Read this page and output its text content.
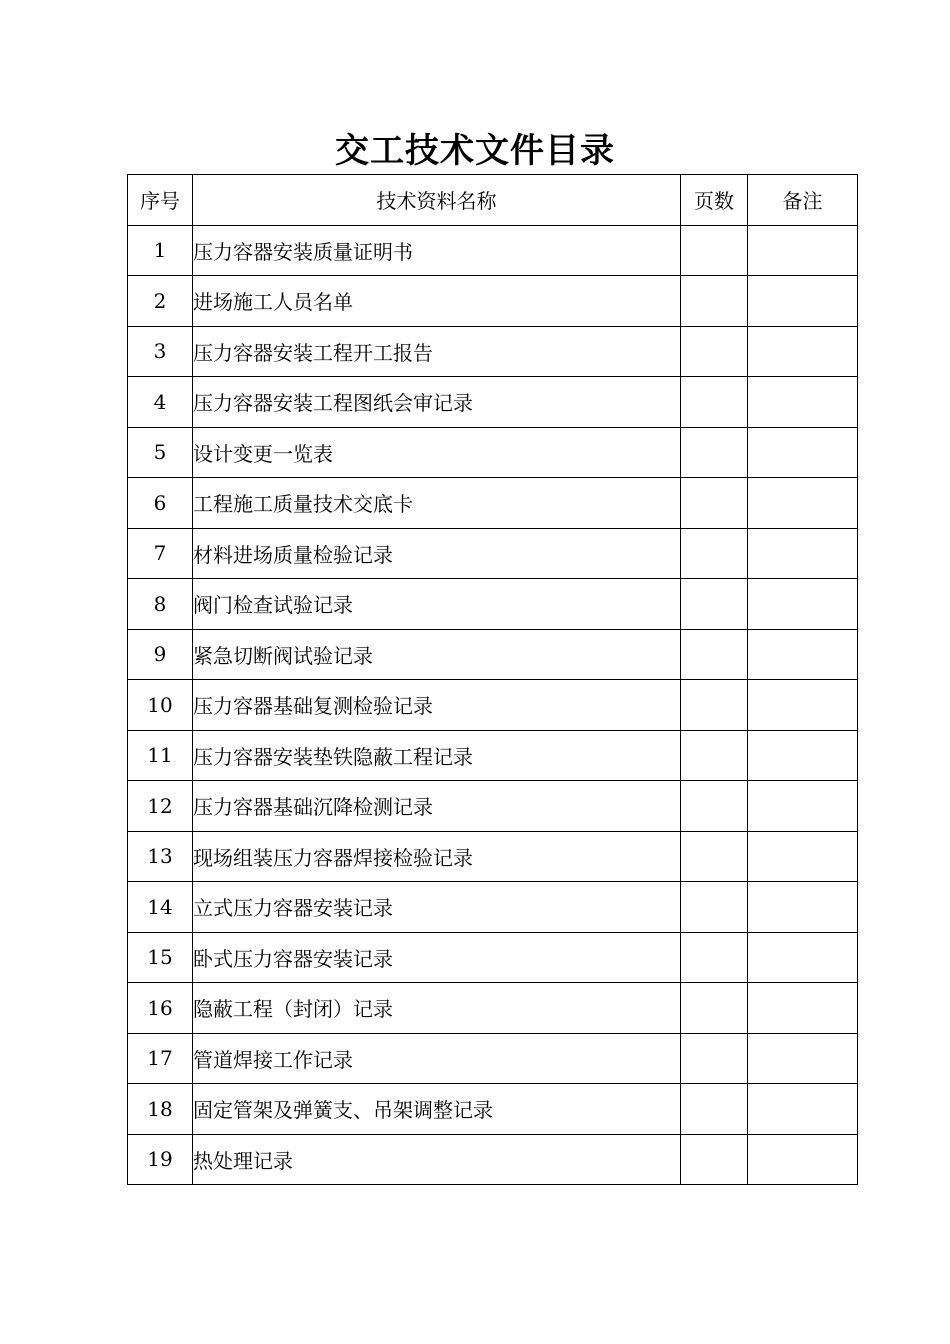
交工技术文件目录
序号	技术资料名称	页数	备注
1	压力容器安装质量证明书		
2	进场施工人员名单		
3	压力容器安装工程开工报告		
4	压力容器安装工程图纸会审记录		
5	设计变更一览表		
6	工程施工质量技术交底卡		
7	材料进场质量检验记录		
8	阀门检查试验记录		
9	紧急切断阀试验记录		
10	压力容器基础复测检验记录		
11	压力容器安装垫铁隐蔽工程记录		
12	压力容器基础沉降检测记录		
13	现场组装压力容器焊接检验记录		
14	立式压力容器安装记录		
15	卧式压力容器安装记录		
16	隐蔽工程（封闭）记录		
17	管道焊接工作记录		
18	固定管架及弹簧支、吊架调整记录		
19	热处理记录		
